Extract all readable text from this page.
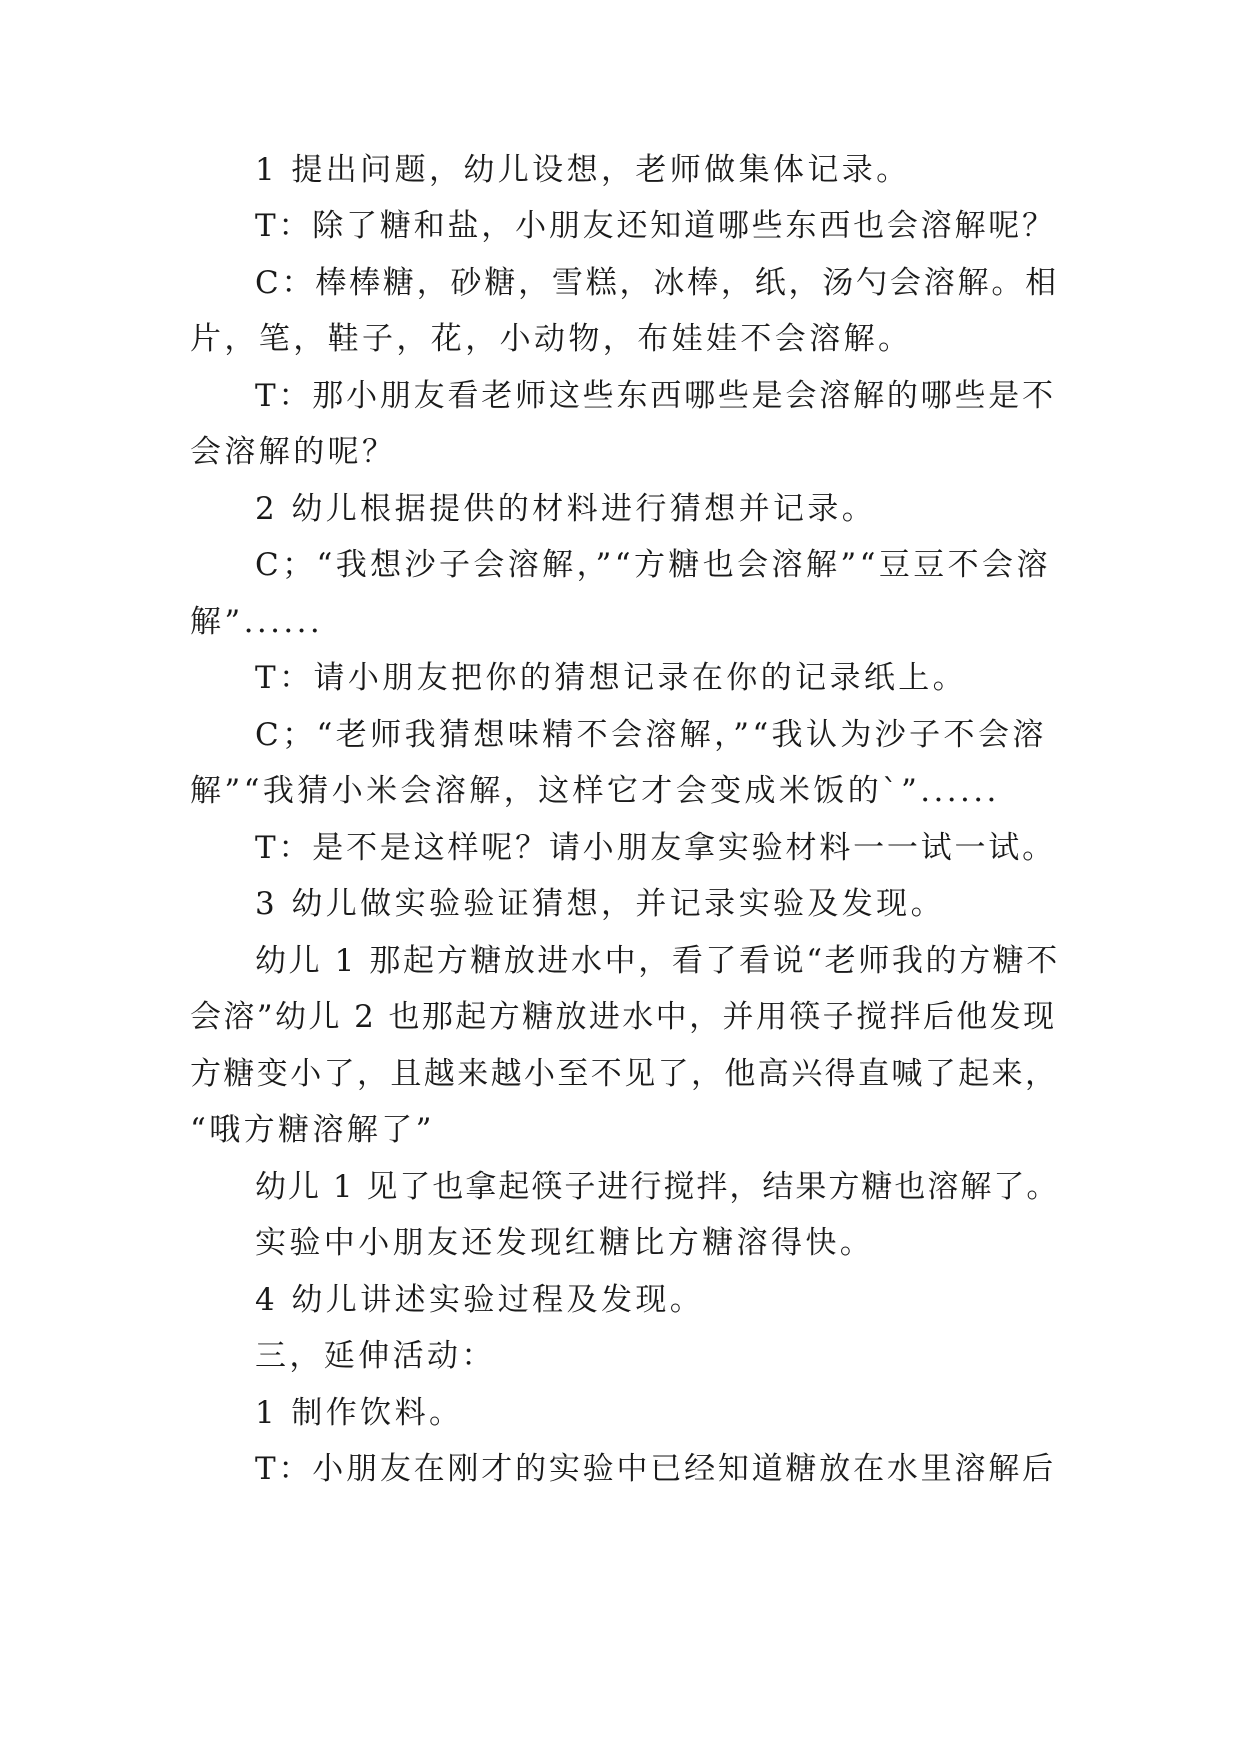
1 提出问题，幼儿设想，老师做集体记录。
T：除了糖和盐，小朋友还知道哪些东西也会溶解呢？
C：棒棒糖，砂糖，雪糕，冰棒，纸，汤勺会溶解。相
片，笔，鞋子，花，小动物，布娃娃不会溶解。
T：那小朋友看老师这些东西哪些是会溶解的哪些是不
会溶解的呢？
2 幼儿根据提供的材料进行猜想并记录。
C；“我想沙子会溶解，”“方糖也会溶解”“豆豆不会溶
解”......
T：请小朋友把你的猜想记录在你的记录纸上。
C；“老师我猜想味精不会溶解，”“我认为沙子不会溶
解”“我猜小米会溶解，这样它才会变成米饭的`”......
T：是不是这样呢？请小朋友拿实验材料一一试一试。
3 幼儿做实验验证猜想，并记录实验及发现。
幼儿 1 那起方糖放进水中，看了看说“老师我的方糖不
会溶”幼儿 2 也那起方糖放进水中，并用筷子搅拌后他发现
方糖变小了，且越来越小至不见了，他高兴得直喊了起来，
“哦方糖溶解了”
幼儿 1 见了也拿起筷子进行搅拌，结果方糖也溶解了。
实验中小朋友还发现红糖比方糖溶得快。
4 幼儿讲述实验过程及发现。
三，延伸活动：
1 制作饮料。
T：小朋友在刚才的实验中已经知道糖放在水里溶解后
